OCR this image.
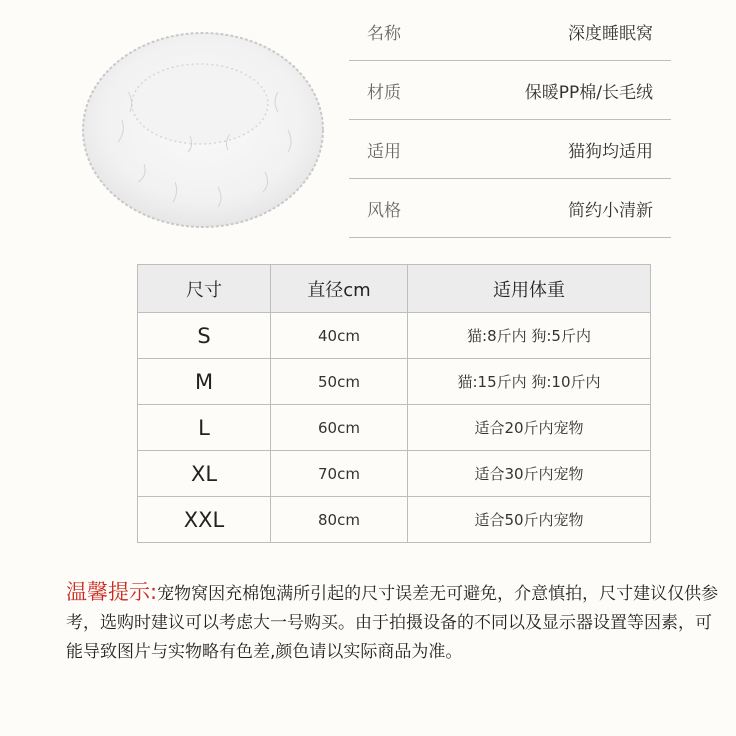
名称	深度睡眠窝
材质	保暖PP棉/长毛绒
适用	猫狗均适用
风格	简约小清新
尺寸	直径cm	适用体重
S	40cm	猫:8斤内 狗:5斤内
M	50cm	猫:15斤内 狗:10斤内
L	60cm	适合20斤内宠物
XL	70cm	适合30斤内宠物
XXL	80cm	适合50斤内宠物
温馨提示:宠物窝因充棉饱满所引起的尺寸误差无可避免，介意慎拍，尺寸建议仅供参考，选购时建议可以考虑大一号购买。由于拍摄设备的不同以及显示器设置等因素，可能导致图片与实物略有色差,颜色请以实际商品为准。
